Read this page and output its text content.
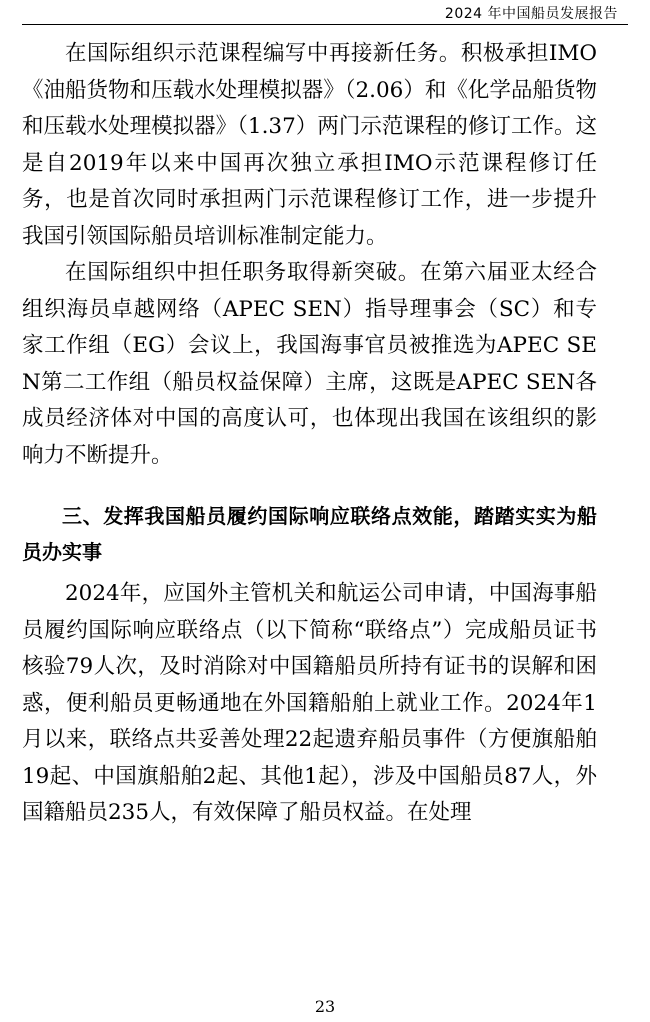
2024 年中国船员发展报告

在国际组织示范课程编写中再接新任务。积极承担IMO《油船货物和压载水处理模拟器》（2.06）和《化学品船货物和压载水处理模拟器》（1.37）两门示范课程的修订工作。这是自2019年以来中国再次独立承担IMO示范课程修订任务，也是首次同时承担两门示范课程修订工作，进一步提升我国引领国际船员培训标准制定能力。

在国际组织中担任职务取得新突破。在第六届亚太经合组织海员卓越网络（APEC SEN）指导理事会（SC）和专家工作组（EG）会议上，我国海事官员被推选为APEC SEN第二工作组（船员权益保障）主席，这既是APEC SEN各成员经济体对中国的高度认可，也体现出我国在该组织的影响力不断提升。

三、发挥我国船员履约国际响应联络点效能，踏踏实实为船员办实事

2024年，应国外主管机关和航运公司申请，中国海事船员履约国际响应联络点（以下简称“联络点”）完成船员证书核验79人次，及时消除对中国籍船员所持有证书的误解和困惑，便利船员更畅通地在外国籍船舶上就业工作。2024年1月以来，联络点共妥善处理22起遗弃船员事件（方便旗船舶19起、中国旗船舶2起、其他1起），涉及中国船员87人，外国籍船员235人，有效保障了船员权益。在处理

23
